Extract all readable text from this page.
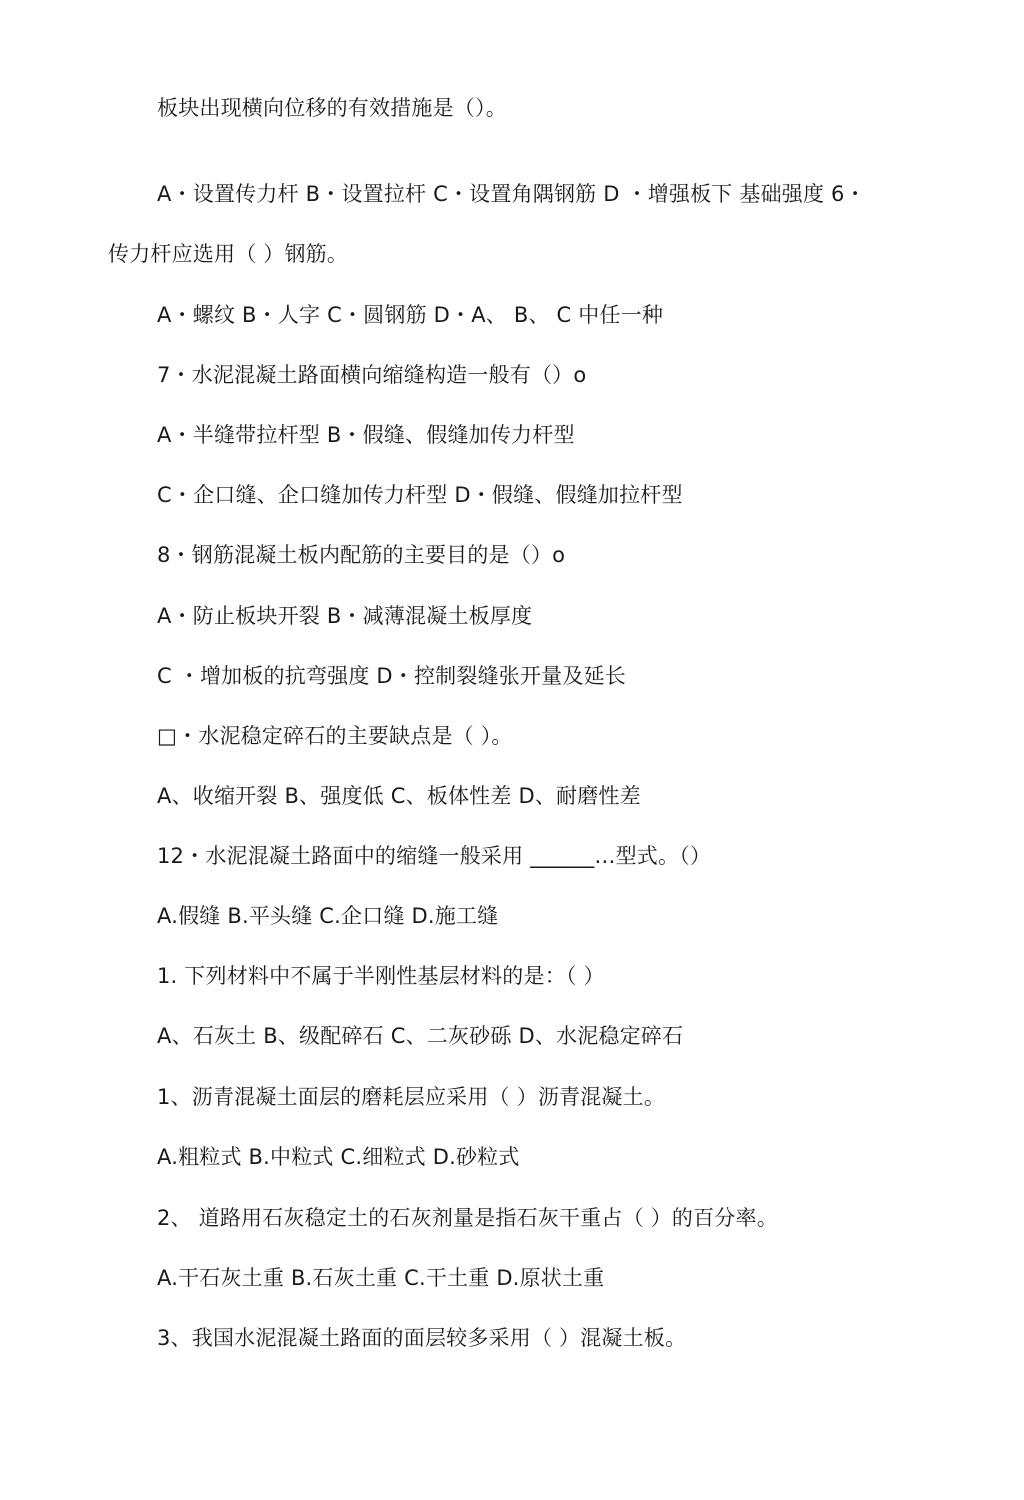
板块出现横向位移的有效措施是（）。
A・设置传力杆 B・设置拉杆 C・设置角隅钢筋 D ・增强板下 基础强度 6・
传力杆应选用（ ）钢筋。
A・螺纹 B・人字 C・圆钢筋 D・A、 B、 C 中任一种
7・水泥混凝土路面横向缩缝构造一般有（）o
A・半缝带拉杆型 B・假缝、假缝加传力杆型
C・企口缝、企口缝加传力杆型 D・假缝、假缝加拉杆型
8・钢筋混凝土板内配筋的主要目的是（）o
A・防止板块开裂 B・减薄混凝土板厚度
C ・增加板的抗弯强度 D・控制裂缝张开量及延长
□・水泥稳定碎石的主要缺点是（ ）。
A、收缩开裂 B、强度低 C、板体性差 D、耐磨性差
12・水泥混凝土路面中的缩缝一般采用 ______…型式。（）
A.假缝 B.平头缝 C.企口缝 D.施工缝
1. 下列材料中不属于半刚性基层材料的是：（ ）
A、石灰土 B、级配碎石 C、二灰砂砾 D、水泥稳定碎石
1、沥青混凝土面层的磨耗层应采用（ ）沥青混凝土。
A.粗粒式 B.中粒式 C.细粒式 D.砂粒式
2、 道路用石灰稳定土的石灰剂量是指石灰干重占（ ）的百分率。
A.干石灰土重 B.石灰土重 C.干土重 D.原状土重
3、我国水泥混凝土路面的面层较多采用（ ）混凝土板。
